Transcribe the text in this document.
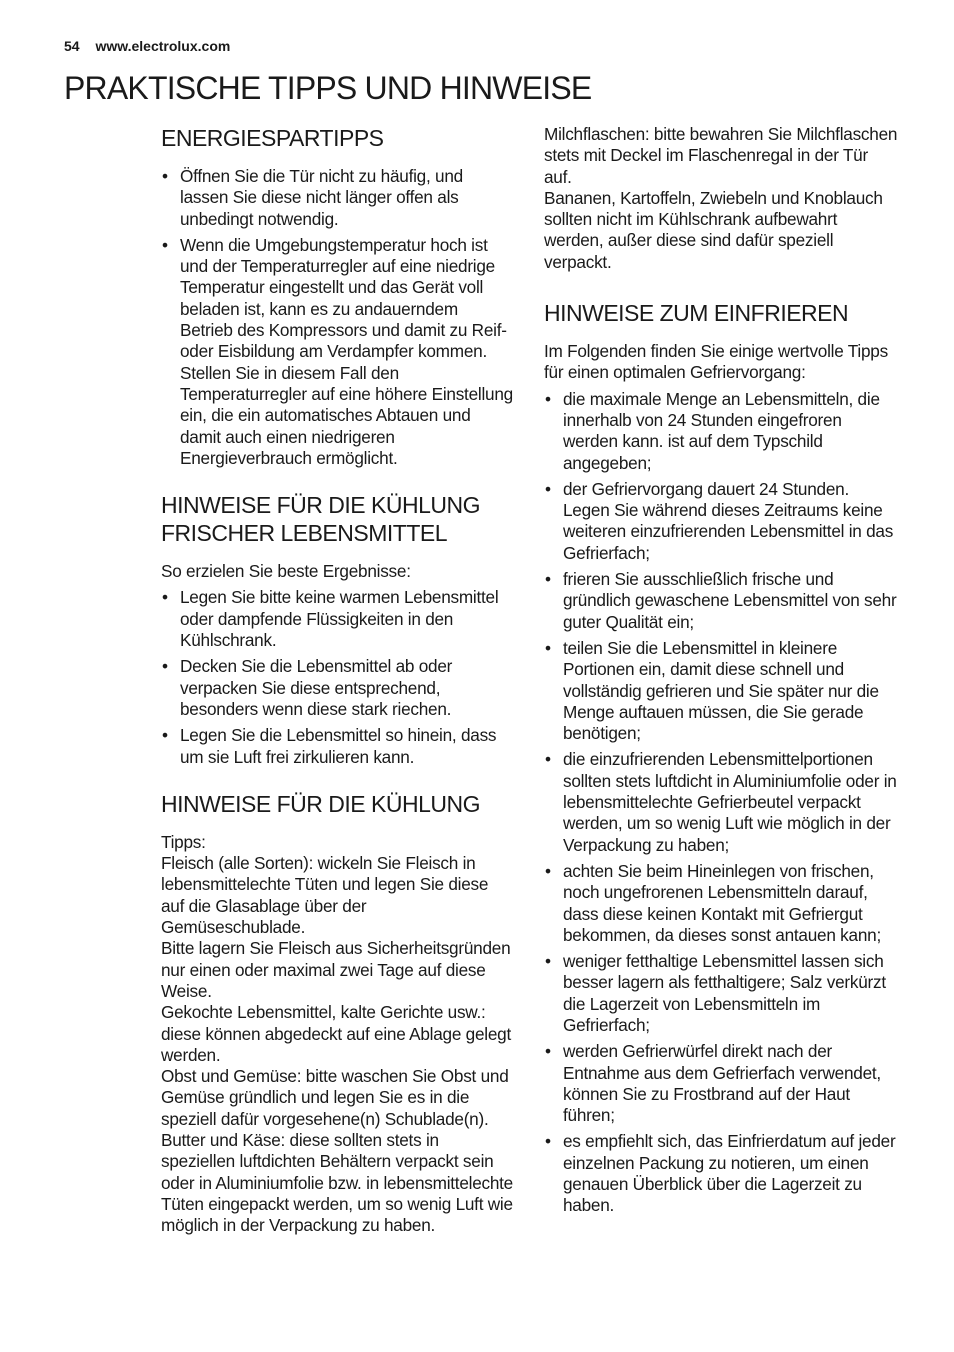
54 www.electrolux.com
PRAKTISCHE TIPPS UND HINWEISE
ENERGIESPARTIPPS
• Öffnen Sie die Tür nicht zu häufig, und lassen Sie diese nicht länger offen als unbedingt notwendig.
• Wenn die Umgebungstemperatur hoch ist und der Temperaturregler auf eine niedrige Temperatur eingestellt und das Gerät voll beladen ist, kann es zu andauerndem Betrieb des Kompressors und damit zu Reif- oder Eisbildung am Verdampfer kommen. Stellen Sie in diesem Fall den Temperaturregler auf eine höhere Einstellung ein, die ein automatisches Abtauen und damit auch einen niedrigeren Energieverbrauch ermöglicht.
HINWEISE FÜR DIE KÜHLUNG FRISCHER LEBENSMITTEL

So erzielen Sie beste Ergebnisse:

• Legen Sie bitte keine warmen Lebensmittel oder dampfende Flüssigkeiten in den Kühlschrank.
• Decken Sie die Lebensmittel ab oder verpacken Sie diese entsprechend, besonders wenn diese stark riechen.
• Legen Sie die Lebensmittel so hinein, dass um sie Luft frei zirkulieren kann.
HINWEISE FÜR DIE KÜHLUNG

Tipps:

Fleisch (alle Sorten): wickeln Sie Fleisch in lebensmittelechte Tüten und legen Sie diese auf die Glasablage über der Gemüseschublade.

Bitte lagern Sie Fleisch aus Sicherheitsgründen nur einen oder maximal zwei Tage auf diese Weise.

Gekochte Lebensmittel, kalte Gerichte usw.: diese können abgedeckt auf eine Ablage gelegt werden.

Obst und Gemüse: bitte waschen Sie Obst und Gemüse gründlich und legen Sie es in die speziell dafür vorgesehene(n) Schublade(n).

Butter und Käse: diese sollten stets in speziellen luftdichten Behältern verpackt sein oder in Aluminiumfolie bzw. in lebensmittelechte Tüten eingepackt werden, um so wenig Luft wie möglich in der Verpackung zu haben.

Milchflaschen: bitte bewahren Sie Milchflaschen stets mit Deckel im Flaschenregal in der Tür auf.

Bananen, Kartoffeln, Zwiebeln und Knoblauch sollten nicht im Kühlschrank aufbewahrt werden, außer diese sind dafür speziell verpackt.

HINWEISE ZUM EINFRIEREN

Im Folgenden finden Sie einige wertvolle Tipps für einen optimalen Gefriervorgang:

• die maximale Menge an Lebensmitteln, die innerhalb von 24 Stunden eingefroren werden kann. ist auf dem Typschild angegeben;
• der Gefriervorgang dauert 24 Stunden. Legen Sie während dieses Zeitraums keine weiteren einzufrierenden Lebensmittel in das Gefrierfach;
• frieren Sie ausschließlich frische und gründlich gewaschene Lebensmittel von sehr guter Qualität ein;
• teilen Sie die Lebensmittel in kleinere Portionen ein, damit diese schnell und vollständig gefrieren und Sie später nur die Menge auftauen müssen, die Sie gerade benötigen;
• die einzufrierenden Lebensmittelportionen sollten stets luftdicht in Aluminiumfolie oder in lebensmittelechte Gefrierbeutel verpackt werden, um so wenig Luft wie möglich in der Verpackung zu haben;
• achten Sie beim Hineinlegen von frischen, noch ungefrorenen Lebensmitteln darauf, dass diese keinen Kontakt mit Gefriergut bekommen, da dieses sonst antauen kann;
• weniger fetthaltige Lebensmittel lassen sich besser lagern als fetthaltigere; Salz verkürzt die Lagerzeit von Lebensmitteln im Gefrierfach;
• werden Gefrierwürfel direkt nach der Entnahme aus dem Gefrierfach verwendet, können Sie zu Frostbrand auf der Haut führen;
• es empfiehlt sich, das Einfrierdatum auf jeder einzelnen Packung zu notieren, um einen genauen Überblick über die Lagerzeit zu haben.
